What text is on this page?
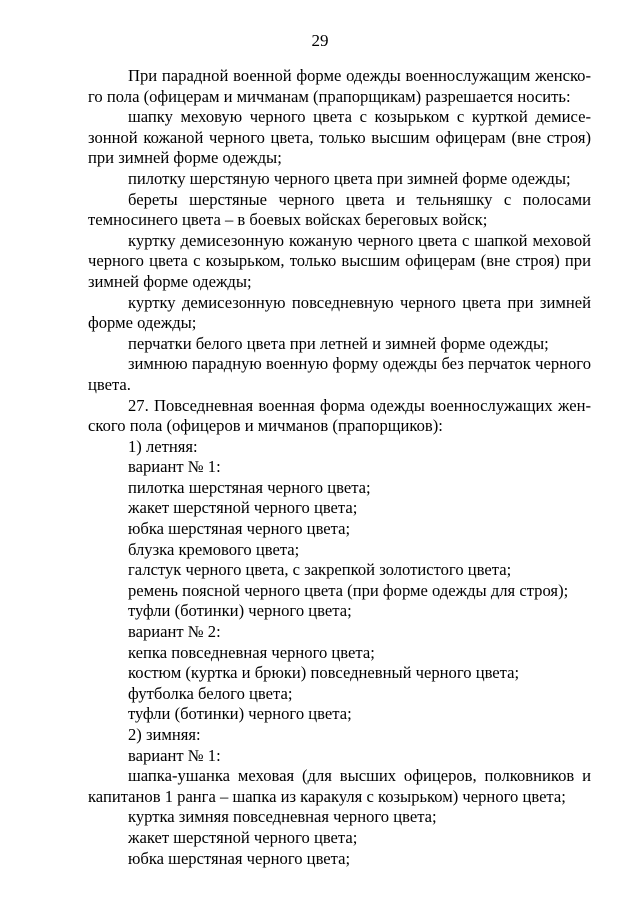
29

При парадной военной форме одежды военнослужащим женского пола (офицерам и мичманам (прапорщикам) разрешается носить:

шапку меховую черного цвета с козырьком с курткой демисезонной кожаной черного цвета, только высшим офицерам (вне строя) при зимней форме одежды;

пилотку шерстяную черного цвета при зимней форме одежды;

береты шерстяные черного цвета и тельняшку с полосами темносинего цвета – в боевых войсках береговых войск;

куртку демисезонную кожаную черного цвета с шапкой меховой черного цвета с козырьком, только высшим офицерам (вне строя) при зимней форме одежды;

куртку демисезонную повседневную черного цвета при зимней форме одежды;

перчатки белого цвета при летней и зимней форме одежды;

зимнюю парадную военную форму одежды без перчаток черного цвета.

27. Повседневная военная форма одежды военнослужащих женского пола (офицеров и мичманов (прапорщиков):

1) летняя:

вариант № 1:

пилотка шерстяная черного цвета;

жакет шерстяной черного цвета;

юбка шерстяная черного цвета;

блузка кремового цвета;

галстук черного цвета, с закрепкой золотистого цвета;

ремень поясной черного цвета (при форме одежды для строя);

туфли (ботинки) черного цвета;

вариант № 2:

кепка повседневная черного цвета;

костюм (куртка и брюки) повседневный черного цвета;

футболка белого цвета;

туфли (ботинки) черного цвета;

2) зимняя:

вариант № 1:

шапка-ушанка меховая (для высших офицеров, полковников и капитанов 1 ранга – шапка из каракуля с козырьком) черного цвета;

куртка зимняя повседневная черного цвета;

жакет шерстяной черного цвета;

юбка шерстяная черного цвета;
